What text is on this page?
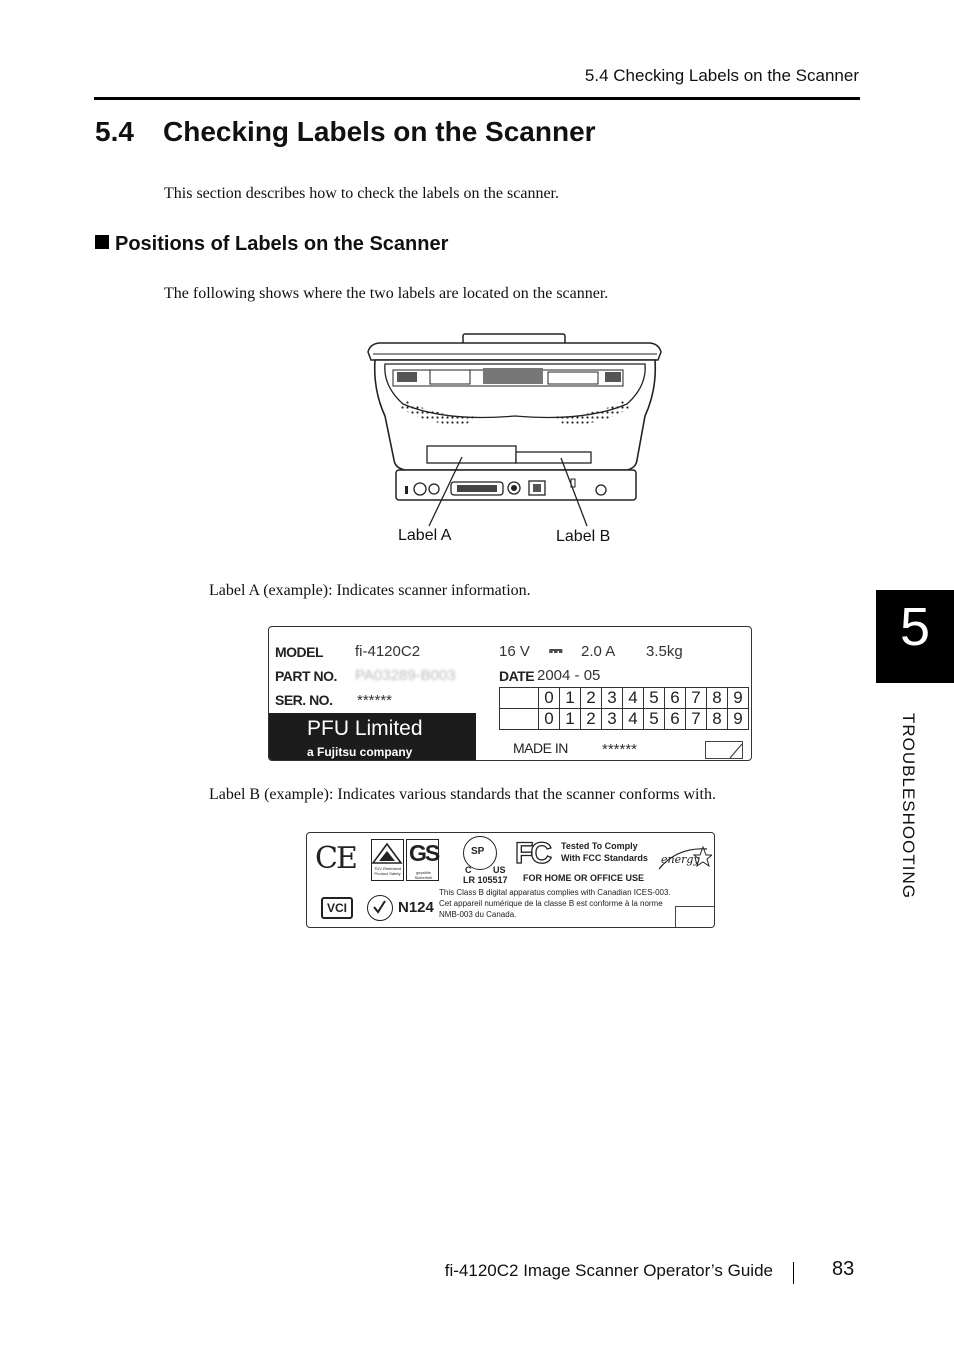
5.4 Checking Labels on the Scanner
5.4 Checking Labels on the Scanner
This section describes how to check the labels on the scanner.
Positions of Labels on the Scanner
The following shows where the two labels are located on the scanner.
Label A	Label B
Label A (example): Indicates scanner information.
MODEL fi-4120C2
PART NO. PA03289-B003
SER. NO. ******
16 V ⎓ 2.0 A 3.5kg
DATE 2004 - 05
	0	1	2	3	4	5	6	7	8	9
	0	1	2	3	4	5	6	7	8	9
PFU Limited
a Fujitsu company	MADE IN ******
Label B (example): Indicates various standards that the scanner conforms with.
CE	TÜV Rheinland Product Safety
GS
geprüfte Sicherheit
SP
C US
LR 105517
FC Tested To Comply
With FCC Standards
FOR HOME OR OFFICE USE
energy
VCI	N124
This Class B digital apparatus complies with Canadian ICES-003.
Cet appareil numérique de la classe B est conforme à la norme
NMB-003 du Canada.
5
TROUBLESHOOTING
fi-4120C2 Image Scanner Operator’s Guide	83
